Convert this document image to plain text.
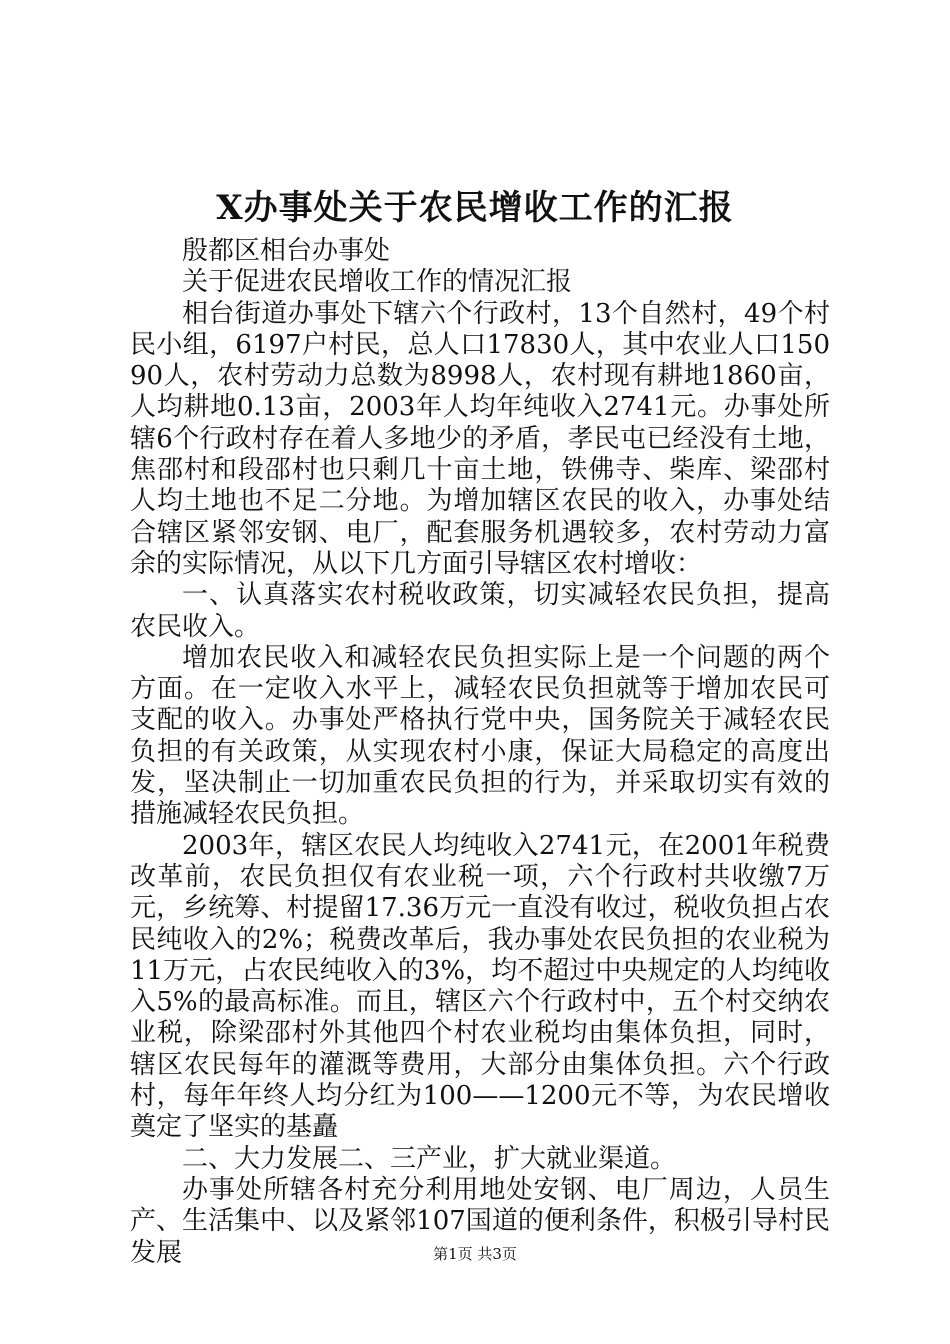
X办事处关于农民增收工作的汇报

殷都区相台办事处

关于促进农民增收工作的情况汇报

相台街道办事处下辖六个行政村，13个自然村，49个村民小组，6197户村民，总人口17830人，其中农业人口15090人，农村劳动力总数为8998人，农村现有耕地1860亩，人均耕地0.13亩，2003年人均年纯收入2741元。办事处所辖6个行政村存在着人多地少的矛盾，孝民屯已经没有土地，焦邵村和段邵村也只剩几十亩土地，铁佛寺、柴库、梁邵村人均土地也不足二分地。为增加辖区农民的收入，办事处结合辖区紧邻安钢、电厂，配套服务机遇较多，农村劳动力富余的实际情况，从以下几方面引导辖区农村增收：

一、认真落实农村税收政策，切实减轻农民负担，提高农民收入。

增加农民收入和减轻农民负担实际上是一个问题的两个方面。在一定收入水平上，减轻农民负担就等于增加农民可支配的收入。办事处严格执行党中央，国务院关于减轻农民负担的有关政策，从实现农村小康，保证大局稳定的高度出发，坚决制止一切加重农民负担的行为，并采取切实有效的措施减轻农民负担。

2003年，辖区农民人均纯收入2741元，在2001年税费改革前，农民负担仅有农业税一项，六个行政村共收缴7万元，乡统筹、村提留17.36万元一直没有收过，税收负担占农民纯收入的2%；税费改革后，我办事处农民负担的农业税为11万元，占农民纯收入的3%，均不超过中央规定的人均纯收入5%的最高标准。而且，辖区六个行政村中，五个村交纳农业税，除梁邵村外其他四个村农业税均由集体负担，同时，辖区农民每年的灌溉等费用，大部分由集体负担。六个行政村，每年年终人均分红为100——1200元不等，为农民增收奠定了坚实的基矗

二、大力发展二、三产业，扩大就业渠道。

办事处所辖各村充分利用地处安钢、电厂周边，人员生产、生活集中、以及紧邻107国道的便利条件，积极引导村民发展	第1页 共3页
